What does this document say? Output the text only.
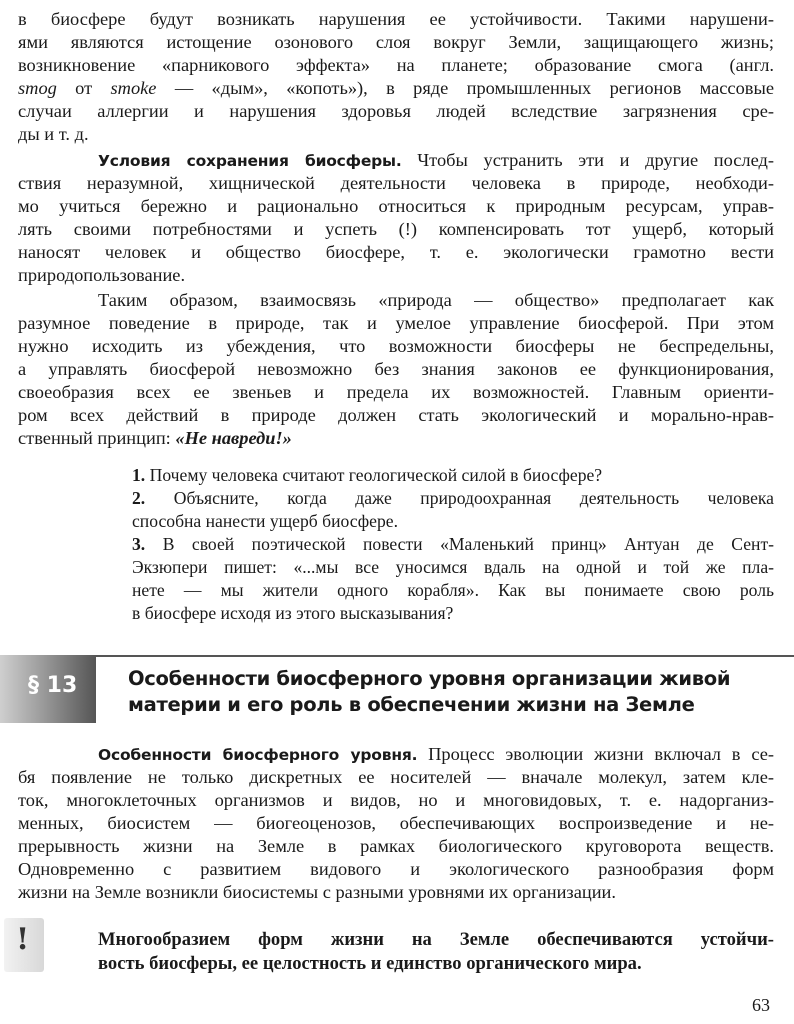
в биосфере будут возникать нарушения ее устойчивости. Такими нарушени-
ями являются истощение озонового слоя вокруг Земли, защищающего жизнь;
возникновение «парникового эффекта» на планете; образование смога (англ.
smog от smoke — «дым», «копоть»), в ряде промышленных регионов массовые
случаи аллергии и нарушения здоровья людей вследствие загрязнения сре-
ды и т. д.
Условия сохранения биосферы. Чтобы устранить эти и другие послед-
ствия неразумной, хищнической деятельности человека в природе, необходи-
мо учиться бережно и рационально относиться к природным ресурсам, управ-
лять своими потребностями и успеть (!) компенсировать тот ущерб, который
наносят человек и общество биосфере, т. е. экологически грамотно вести
природопользование.
Таким образом, взаимосвязь «природа — общество» предполагает как
разумное поведение в природе, так и умелое управление биосферой. При этом
нужно исходить из убеждения, что возможности биосферы не беспредельны,
а управлять биосферой невозможно без знания законов ее функционирования,
своеобразия всех ее звеньев и предела их возможностей. Главным ориенти-
ром всех действий в природе должен стать экологический и морально-нрав-
ственный принцип: «Не навреди!»
1. Почему человека считают геологической силой в биосфере?
2. Объясните, когда даже природоохранная деятельность человека
способна нанести ущерб биосфере.
3. В своей поэтической повести «Маленький принц» Антуан де Сент-
Экзюпери пишет: «...мы все уносимся вдаль на одной и той же пла-
нете — мы жители одного корабля». Как вы понимаете свою роль
в биосфере исходя из этого высказывания?
§ 13	Особенности биосферного уровня организации живой
материи и его роль в обеспечении жизни на Земле
Особенности биосферного уровня. Процесс эволюции жизни включал в се-
бя появление не только дискретных ее носителей — вначале молекул, затем кле-
ток, многоклеточных организмов и видов, но и многовидовых, т. е. надорганиз-
менных, биосистем — биогеоценозов, обеспечивающих воспроизведение и не-
прерывность жизни на Земле в рамках биологического круговорота веществ.
Одновременно с развитием видового и экологического разнообразия форм
жизни на Земле возникли биосистемы с разными уровнями их организации.
!	Многообразием форм жизни на Земле обеспечиваются устойчи-
вость биосферы, ее целостность и единство органического мира.
63
